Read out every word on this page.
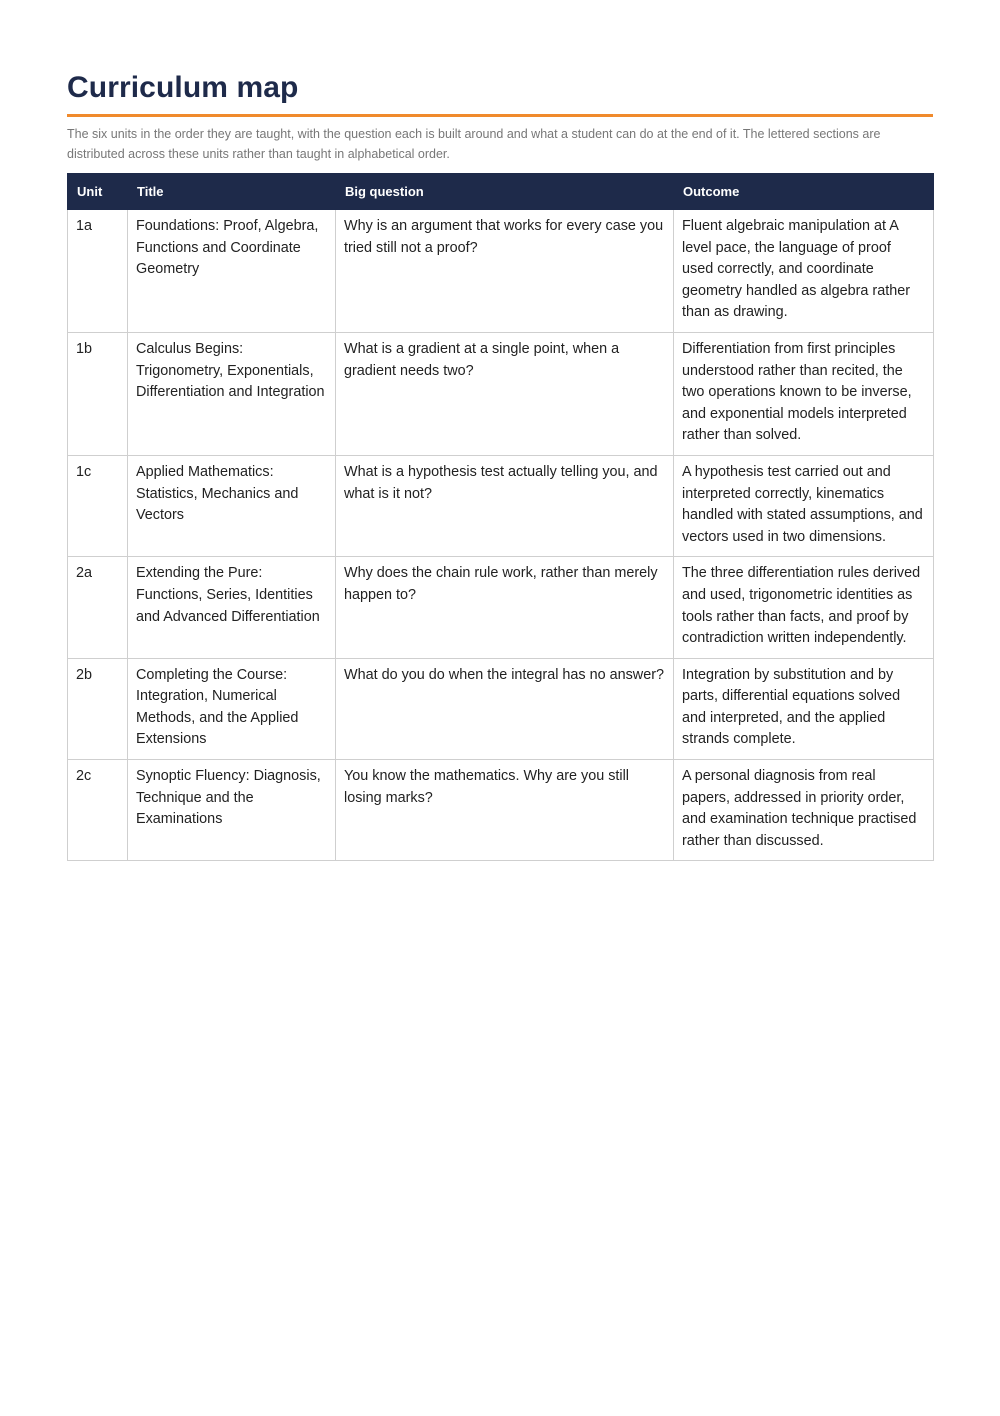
Curriculum map

The six units in the order they are taught, with the question each is built around and what a student can do at the end of it. The lettered sections are distributed across these units rather than taught in alphabetical order.

Unit	Title	Big question	Outcome
1a	Foundations: Proof, Algebra, Functions and Coordinate Geometry	Why is an argument that works for every case you tried still not a proof?	Fluent algebraic manipulation at A level pace, the language of proof used correctly, and coordinate geometry handled as algebra rather than as drawing.
1b	Calculus Begins: Trigonometry, Exponentials, Differentiation and Integration	What is a gradient at a single point, when a gradient needs two?	Differentiation from first principles understood rather than recited, the two operations known to be inverse, and exponential models interpreted rather than solved.
1c	Applied Mathematics: Statistics, Mechanics and Vectors	What is a hypothesis test actually telling you, and what is it not?	A hypothesis test carried out and interpreted correctly, kinematics handled with stated assumptions, and vectors used in two dimensions.
2a	Extending the Pure: Functions, Series, Identities and Advanced Differentiation	Why does the chain rule work, rather than merely happen to?	The three differentiation rules derived and used, trigonometric identities as tools rather than facts, and proof by contradiction written independently.
2b	Completing the Course: Integration, Numerical Methods, and the Applied Extensions	What do you do when the integral has no answer?	Integration by substitution and by parts, differential equations solved and interpreted, and the applied strands complete.
2c	Synoptic Fluency: Diagnosis, Technique and the Examinations	You know the mathematics. Why are you still losing marks?	A personal diagnosis from real papers, addressed in priority order, and examination technique practised rather than discussed.
